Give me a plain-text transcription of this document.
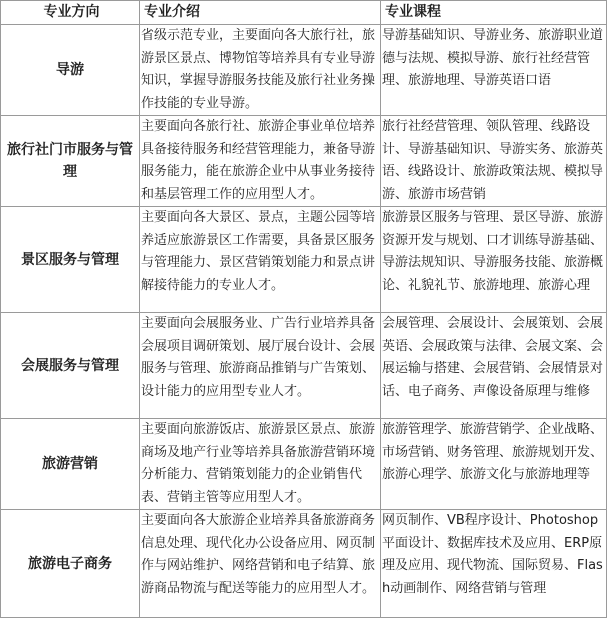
专业方向	专业介绍	专业课程
导游	省级示范专业，主要面向各大旅行社，旅游景区景点、博物馆等培养具有专业导游知识，掌握导游服务技能及旅行社业务操作技能的专业导游。	导游基础知识、导游业务、旅游职业道德与法规、模拟导游、旅行社经营管理、旅游地理、导游英语口语
旅行社门市服务与管理	主要面向各旅行社、旅游企事业单位培养具备接待服务和经营管理能力，兼备导游服务能力，能在旅游企业中从事业务接待和基层管理工作的应用型人才。	旅行社经营管理、领队管理、线路设计、导游基础知识、导游实务、旅游英语、线路设计、旅游政策法规、模拟导游、旅游市场营销
景区服务与管理	主要面向各大景区、景点，主题公园等培养适应旅游景区工作需要，具备景区服务与管理能力、景区营销策划能力和景点讲解接待能力的专业人才。	旅游景区服务与管理、景区导游、旅游资源开发与规划、口才训练导游基础、导游法规知识、导游服务技能、旅游概论、礼貌礼节、旅游地理、旅游心理
会展服务与管理	主要面向会展服务业、广告行业培养具备会展项目调研策划、展厅展台设计、会展服务与管理、旅游商品推销与广告策划、设计能力的应用型专业人才。	会展管理、会展设计、会展策划、会展英语、会展政策与法律、会展文案、会展运输与搭建、会展营销、会展情景对话、电子商务、声像设备原理与维修
旅游营销	主要面向旅游饭店、旅游景区景点、旅游商场及地产行业等培养具备旅游营销环境分析能力、营销策划能力的企业销售代表、营销主管等应用型人才。	旅游管理学、旅游营销学、企业战略、市场营销、财务管理、旅游规划开发、旅游心理学、旅游文化与旅游地理等
旅游电子商务	主要面向各大旅游企业培养具备旅游商务信息处理、现代化办公设备应用、网页制作与网站维护、网络营销和电子结算、旅游商品物流与配送等能力的应用型人才。	网页制作、VB程序设计、Photoshop平面设计、数据库技术及应用、ERP原理及应用、现代物流、国际贸易、Flash动画制作、网络营销与管理
